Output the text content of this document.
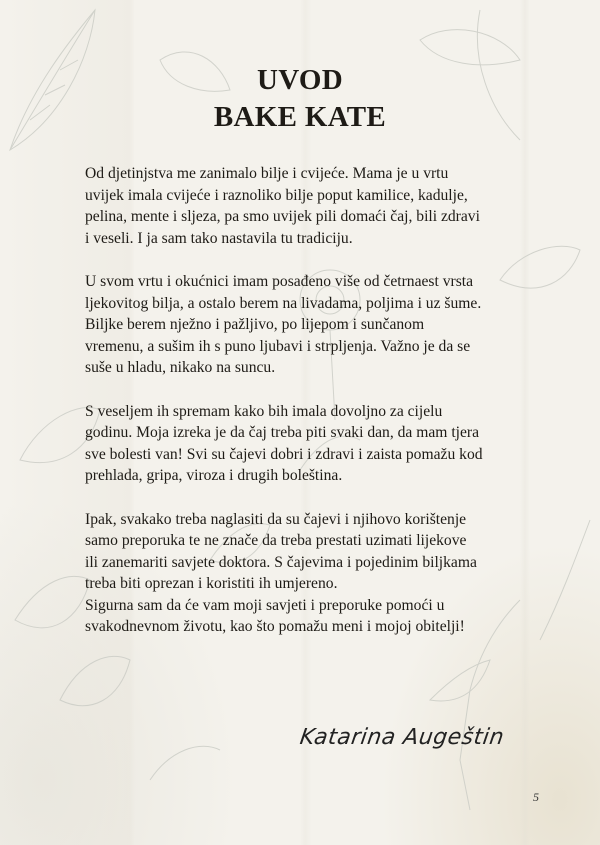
UVOD
BAKE KATE

Od djetinjstva me zanimalo bilje i cvijeće. Mama je u vrtu
uvijek imala cvijeće i raznoliko bilje poput kamilice, kadulje,
pelina, mente i sljeza, pa smo uvijek pili domaći čaj, bili zdravi
i veseli. I ja sam tako nastavila tu tradiciju.

U svom vrtu i okućnici imam posađeno više od četrnaest vrsta
ljekovitog bilja, a ostalo berem na livadama, poljima i uz šume.
Biljke berem nježno i pažljivo, po lijepom i sunčanom
vremenu, a sušim ih s puno ljubavi i strpljenja. Važno je da se
suše u hladu, nikako na suncu.

S veseljem ih spremam kako bih imala dovoljno za cijelu
godinu. Moja izreka je da čaj treba piti svaki dan, da mam tjera
sve bolesti van! Svi su čajevi dobri i zdravi i zaista pomažu kod
prehlada, gripa, viroza i drugih boleština.

Ipak, svakako treba naglasiti da su čajevi i njihovo korištenje
samo preporuka te ne znače da treba prestati uzimati lijekove
ili zanemariti savjete doktora. S čajevima i pojedinim biljkama
treba biti oprezan i koristiti ih umjereno.
Sigurna sam da će vam moji savjeti i preporuke pomoći u
svakodnevnom životu, kao što pomažu meni i mojoj obitelji!

Katarina Augeštin
5
